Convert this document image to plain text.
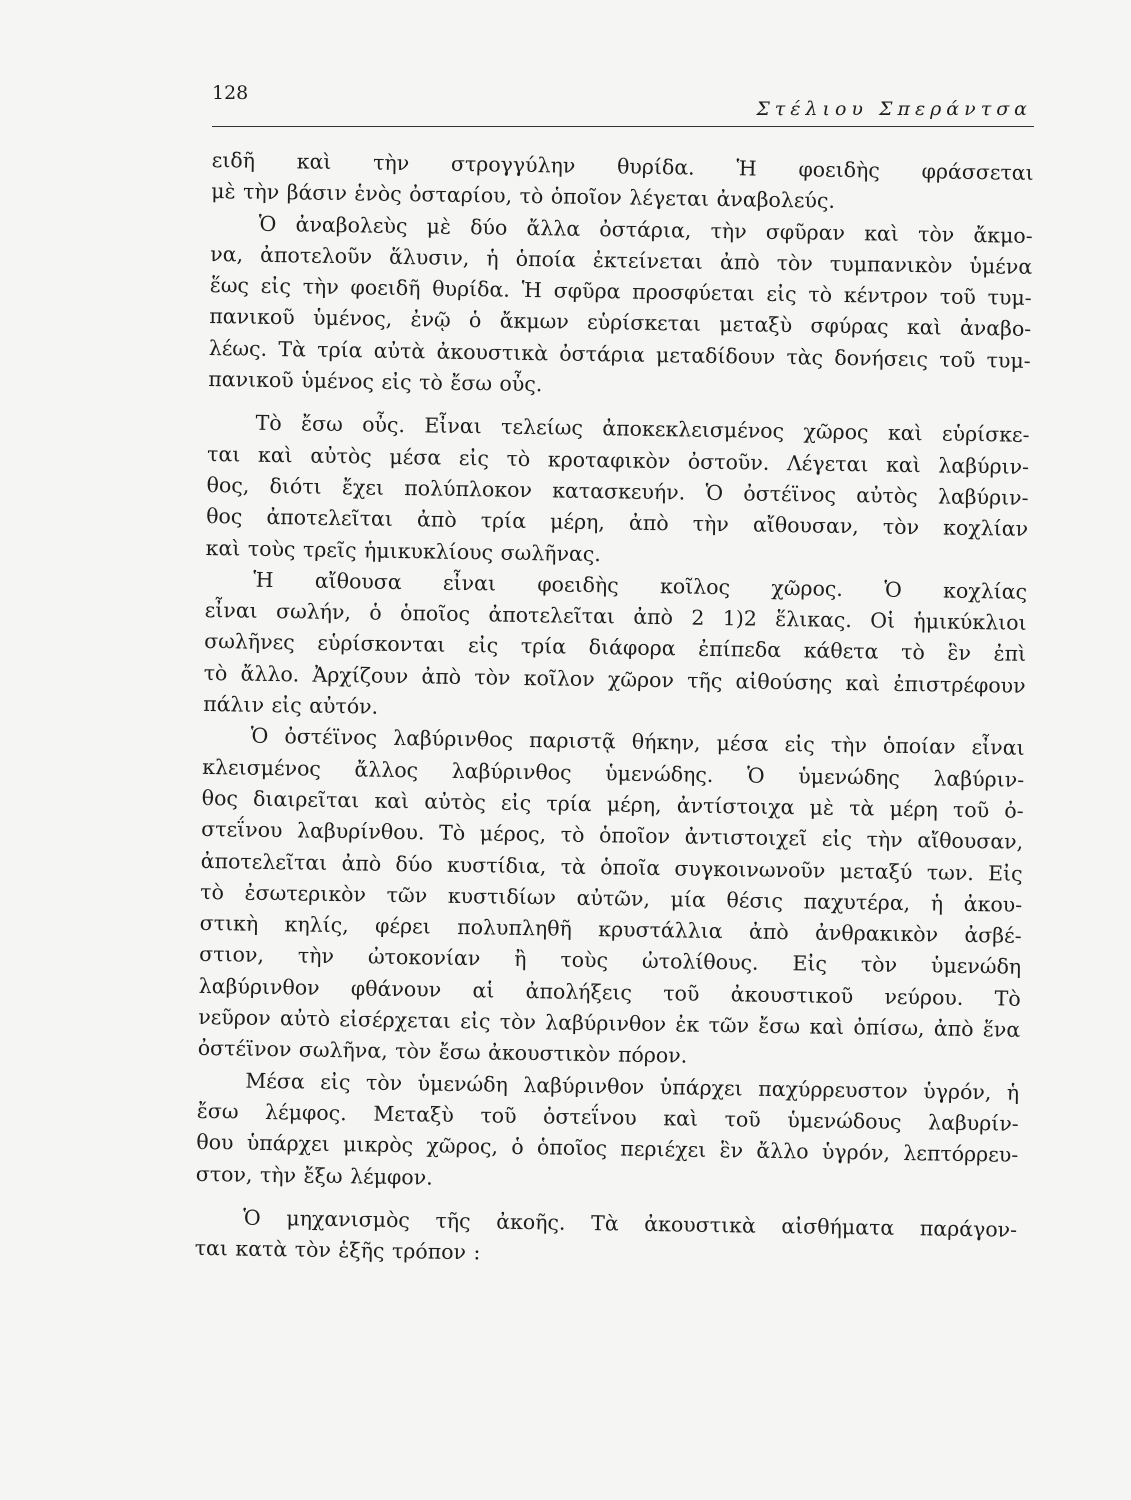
128
Στέλιου Σπεράντσα
ειδῆ καὶ τὴν στρογγύλην θυρίδα. Ἡ φοειδὴς φράσσεται
μὲ τὴν βάσιν ἑνὸς ὀσταρίου, τὸ ὁποῖον λέγεται ἀναβολεύς.
Ὁ ἀναβολεὺς μὲ δύο ἄλλα ὀστάρια, τὴν σφῦραν καὶ τὸν ἄκμο-
να, ἀποτελοῦν ἅλυσιν, ἡ ὁποία ἐκτείνεται ἀπὸ τὸν τυμπανικὸν ὑμένα
ἕως εἰς τὴν φοειδῆ θυρίδα. Ἡ σφῦρα προσφύεται εἰς τὸ κέντρον τοῦ τυμ-
πανικοῦ ὑμένος, ἐνῷ ὁ ἄκμων εὑρίσκεται μεταξὺ σφύρας καὶ ἀναβο-
λέως. Τὰ τρία αὐτὰ ἀκουστικὰ ὀστάρια μεταδίδουν τὰς δονήσεις τοῦ τυμ-
πανικοῦ ὑμένος εἰς τὸ ἔσω οὖς.
Τὸ ἔσω οὖς. Εἶναι τελείως ἀποκεκλεισμένος χῶρος καὶ εὑρίσκε-
ται καὶ αὐτὸς μέσα εἰς τὸ κροταφικὸν ὀστοῦν. Λέγεται καὶ λαβύριν-
θος, διότι ἔχει πολύπλοκον κατασκευήν. Ὁ ὀστέϊνος αὐτὸς λαβύριν-
θος ἀποτελεῖται ἀπὸ τρία μέρη, ἀπὸ τὴν αἴθουσαν, τὸν κοχλίαν
καὶ τοὺς τρεῖς ἡμικυκλίους σωλῆνας.
Ἡ αἴθουσα εἶναι φοειδὴς κοῖλος χῶρος. Ὁ κοχλίας
εἶναι σωλήν, ὁ ὁποῖος ἀποτελεῖται ἀπὸ 2 1)2 ἕλικας. Οἱ ἡμικύκλιοι
σωλῆνες εὑρίσκονται εἰς τρία διάφορα ἐπίπεδα κάθετα τὸ ἓν ἐπὶ
τὸ ἄλλο. Ἀρχίζουν ἀπὸ τὸν κοῖλον χῶρον τῆς αἰθούσης καὶ ἐπιστρέφουν
πάλιν εἰς αὐτόν.
Ὁ ὀστέϊνος λαβύρινθος παριστᾷ θήκην, μέσα εἰς τὴν ὁποίαν εἶναι
κλεισμένος ἄλλος λαβύρινθος ὑμενώδης. Ὁ ὑμενώδης λαβύριν-
θος διαιρεῖται καὶ αὐτὸς εἰς τρία μέρη, ἀντίστοιχα μὲ τὰ μέρη τοῦ ὀ-
στεΐνου λαβυρίνθου. Τὸ μέρος, τὸ ὁποῖον ἀντιστοιχεῖ εἰς τὴν αἴθουσαν,
ἀποτελεῖται ἀπὸ δύο κυστίδια, τὰ ὁποῖα συγκοινωνοῦν μεταξύ των. Εἰς
τὸ ἐσωτερικὸν τῶν κυστιδίων αὐτῶν, μία θέσις παχυτέρα, ἡ ἀκου-
στικὴ κηλίς, φέρει πολυπληθῆ κρυστάλλια ἀπὸ ἀνθρακικὸν ἀσβέ-
στιον, τὴν ὠτοκονίαν ἢ τοὺς ὠτολίθους. Εἰς τὸν ὑμενώδη
λαβύρινθον φθάνουν αἱ ἀπολήξεις τοῦ ἀκουστικοῦ νεύρου. Τὸ
νεῦρον αὐτὸ εἰσέρχεται εἰς τὸν λαβύρινθον ἐκ τῶν ἔσω καὶ ὀπίσω, ἀπὸ ἕνα
ὀστέϊνον σωλῆνα, τὸν ἔσω ἀκουστικὸν πόρον.
Μέσα εἰς τὸν ὑμενώδη λαβύρινθον ὑπάρχει παχύρρευστον ὑγρόν, ἡ
ἔσω λέμφος. Μεταξὺ τοῦ ὀστεΐνου καὶ τοῦ ὑμενώδους λαβυρίν-
θου ὑπάρχει μικρὸς χῶρος, ὁ ὁποῖος περιέχει ἓν ἄλλο ὑγρόν, λεπτόρρευ-
στον, τὴν ἔξω λέμφον.
Ὁ μηχανισμὸς τῆς ἀκοῆς. Τὰ ἀκουστικὰ αἰσθήματα παράγον-
ται κατὰ τὸν ἑξῆς τρόπον :
